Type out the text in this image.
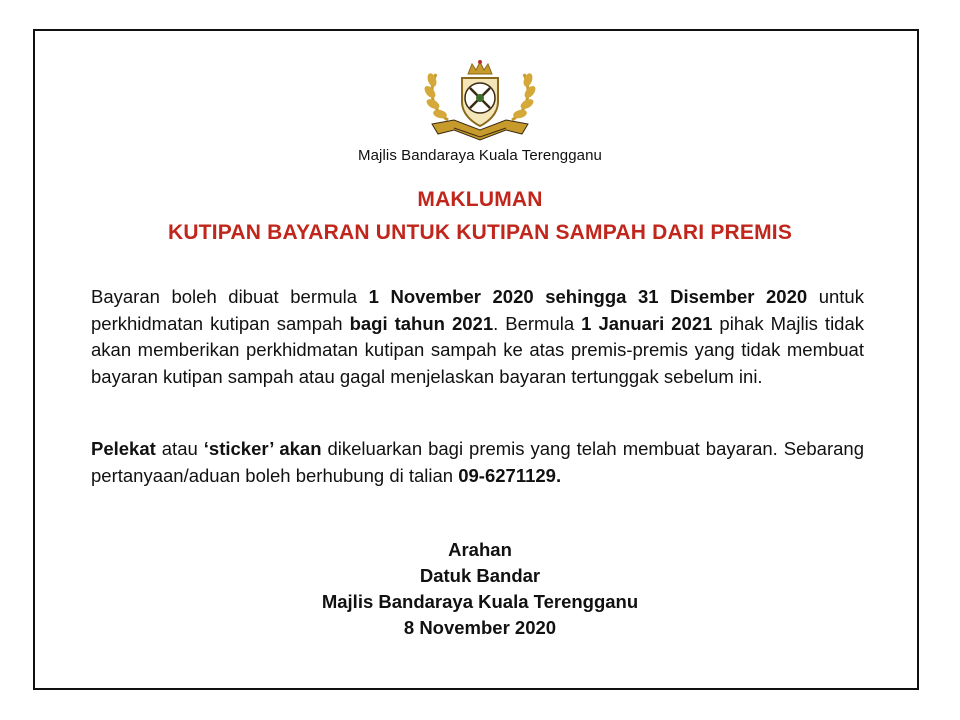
Majlis Bandaraya Kuala Terengganu
MAKLUMAN
KUTIPAN BAYARAN UNTUK KUTIPAN SAMPAH DARI PREMIS
Bayaran boleh dibuat bermula 1 November 2020 sehingga 31 Disember 2020 untuk perkhidmatan kutipan sampah bagi tahun 2021. Bermula 1 Januari 2021 pihak Majlis tidak akan memberikan perkhidmatan kutipan sampah ke atas premis-premis yang tidak membuat bayaran kutipan sampah atau gagal menjelaskan bayaran tertunggak sebelum ini.
Pelekat atau ‘sticker’ akan dikeluarkan bagi premis yang telah membuat bayaran. Sebarang pertanyaan/aduan boleh berhubung di talian 09-6271129.
Arahan
Datuk Bandar
Majlis Bandaraya Kuala Terengganu
8 November 2020
